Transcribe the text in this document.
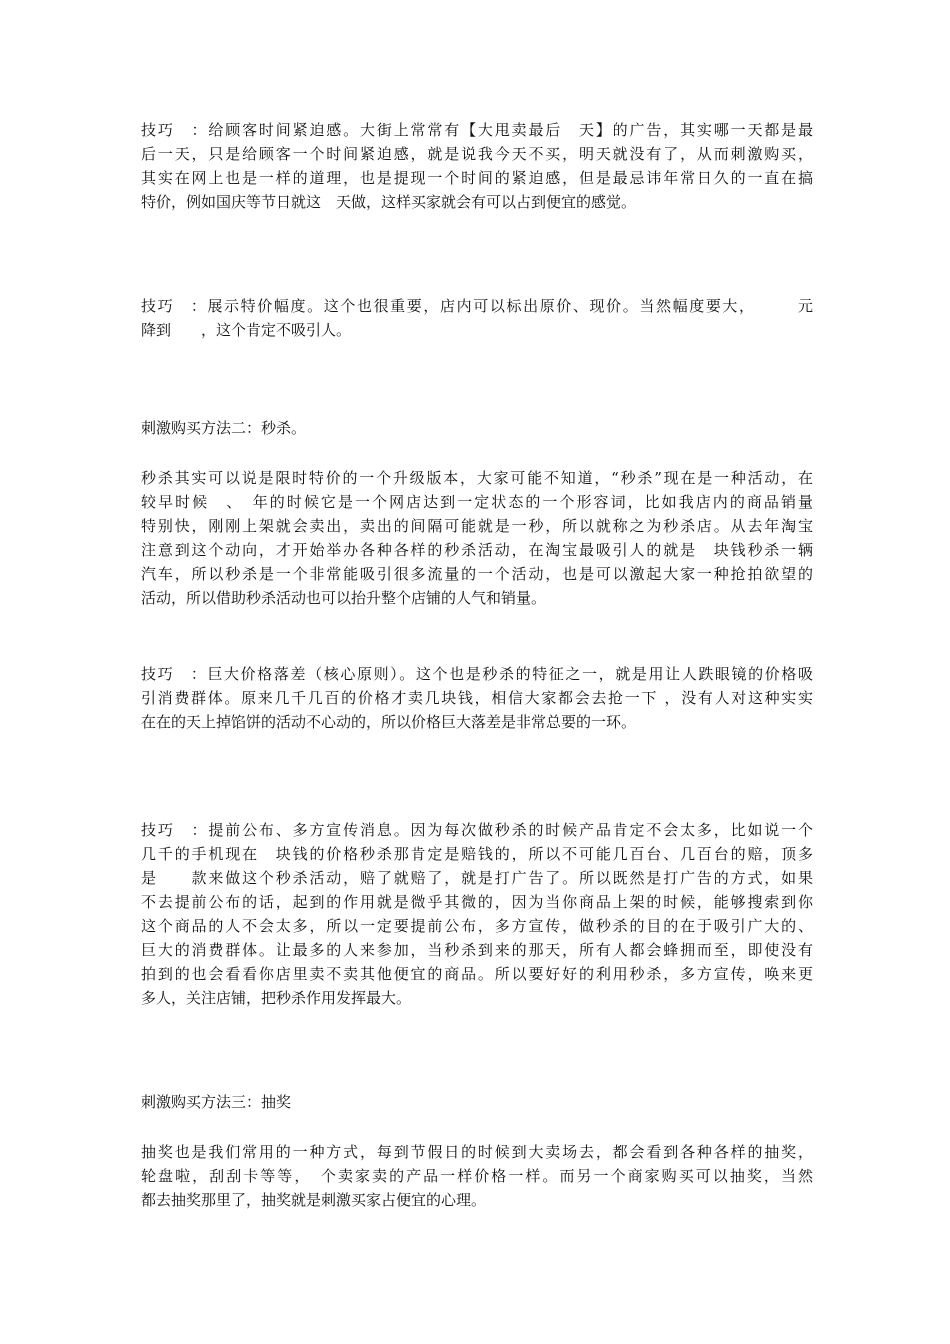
技巧　：给顾客时间紧迫感。大街上常常有【大甩卖最后　天】的广告，其实哪一天都是最
后一天，只是给顾客一个时间紧迫感，就是说我今天不买，明天就没有了，从而刺激购买，
其实在网上也是一样的道理，也是提现一个时间的紧迫感，但是最忌讳年常日久的一直在搞
特价，例如国庆等节日就这　天做，这样买家就会有可以占到便宜的感觉。
技巧　：展示特价幅度。这个也很重要，店内可以标出原价、现价。当然幅度要大，　　　元
降到　　，这个肯定不吸引人。
刺激购买方法二：秒杀。
秒杀其实可以说是限时特价的一个升级版本，大家可能不知道，“秒杀”现在是一种活动，在
较早时候　、　年的时候它是一个网店达到一定状态的一个形容词，比如我店内的商品销量
特别快，刚刚上架就会卖出，卖出的间隔可能就是一秒，所以就称之为秒杀店。从去年淘宝
注意到这个动向，才开始举办各种各样的秒杀活动，在淘宝最吸引人的就是　块钱秒杀一辆
汽车，所以秒杀是一个非常能吸引很多流量的一个活动，也是可以激起大家一种抢拍欲望的
活动，所以借助秒杀活动也可以抬升整个店铺的人气和销量。
技巧　：巨大价格落差（核心原则）。这个也是秒杀的特征之一，就是用让人跌眼镜的价格吸
引消费群体。原来几千几百的价格才卖几块钱，相信大家都会去抢一下 ，没有人对这种实实
在在的天上掉馅饼的活动不心动的，所以价格巨大落差是非常总要的一环。
技巧　：提前公布、多方宣传消息。因为每次做秒杀的时候产品肯定不会太多，比如说一个
几千的手机现在　块钱的价格秒杀那肯定是赔钱的，所以不可能几百台、几百台的赔，顶多
是　　款来做这个秒杀活动，赔了就赔了，就是打广告了。所以既然是打广告的方式，如果
不去提前公布的话，起到的作用就是微乎其微的，因为当你商品上架的时候，能够搜索到你
这个商品的人不会太多，所以一定要提前公布，多方宣传，做秒杀的目的在于吸引广大的、
巨大的消费群体。让最多的人来参加，当秒杀到来的那天，所有人都会蜂拥而至，即使没有
拍到的也会看看你店里卖不卖其他便宜的商品。所以要好好的利用秒杀，多方宣传，唤来更
多人，关注店铺，把秒杀作用发挥最大。
刺激购买方法三：抽奖
抽奖也是我们常用的一种方式，每到节假日的时候到大卖场去，都会看到各种各样的抽奖，
轮盘啦，刮刮卡等等，　个卖家卖的产品一样价格一样。而另一个商家购买可以抽奖，当然
都去抽奖那里了，抽奖就是刺激买家占便宜的心理。
